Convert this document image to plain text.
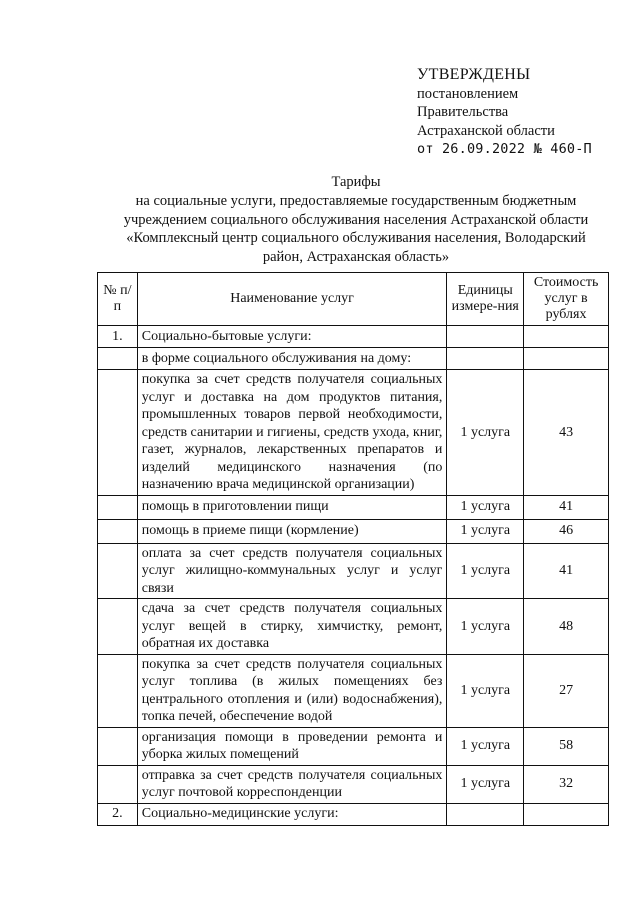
УТВЕРЖДЕНЫ
постановлением
Правительства
Астраханской области
от 26.09.2022 № 460-П
Тарифы
на социальные услуги, предоставляемые государственным бюджетным
учреждением социального обслуживания населения Астраханской области
«Комплексный центр социального обслуживания населения, Володарский
район, Астраханская область»
№ п/п	Наименование услуг	Единицы измере-ния	Стоимость услуг в рублях
1.	Социально-бытовые услуги:		
	в форме социального обслуживания на дому:		
	покупка за счет средств получателя социальных услуг и доставка на дом продуктов питания, промышленных товаров первой необходимости, средств санитарии и гигиены, средств ухода, книг, газет, журналов, лекарственных препаратов и изделий медицинского назначения (по назначению врача медицинской организации)	1 услуга	43
	помощь в приготовлении пищи	1 услуга	41
	помощь в приеме пищи (кормление)	1 услуга	46
	оплата за счет средств получателя социальных услуг жилищно-коммунальных услуг и услуг связи	1 услуга	41
	сдача за счет средств получателя социальных услуг вещей в стирку, химчистку, ремонт, обратная их доставка	1 услуга	48
	покупка за счет средств получателя социальных услуг топлива (в жилых помещениях без центрального отопления и (или) водоснабжения), топка печей, обеспечение водой	1 услуга	27
	организация помощи в проведении ремонта и уборка жилых помещений	1 услуга	58
	отправка за счет средств получателя социальных услуг почтовой корреспонденции	1 услуга	32
2.	Социально-медицинские услуги:		
